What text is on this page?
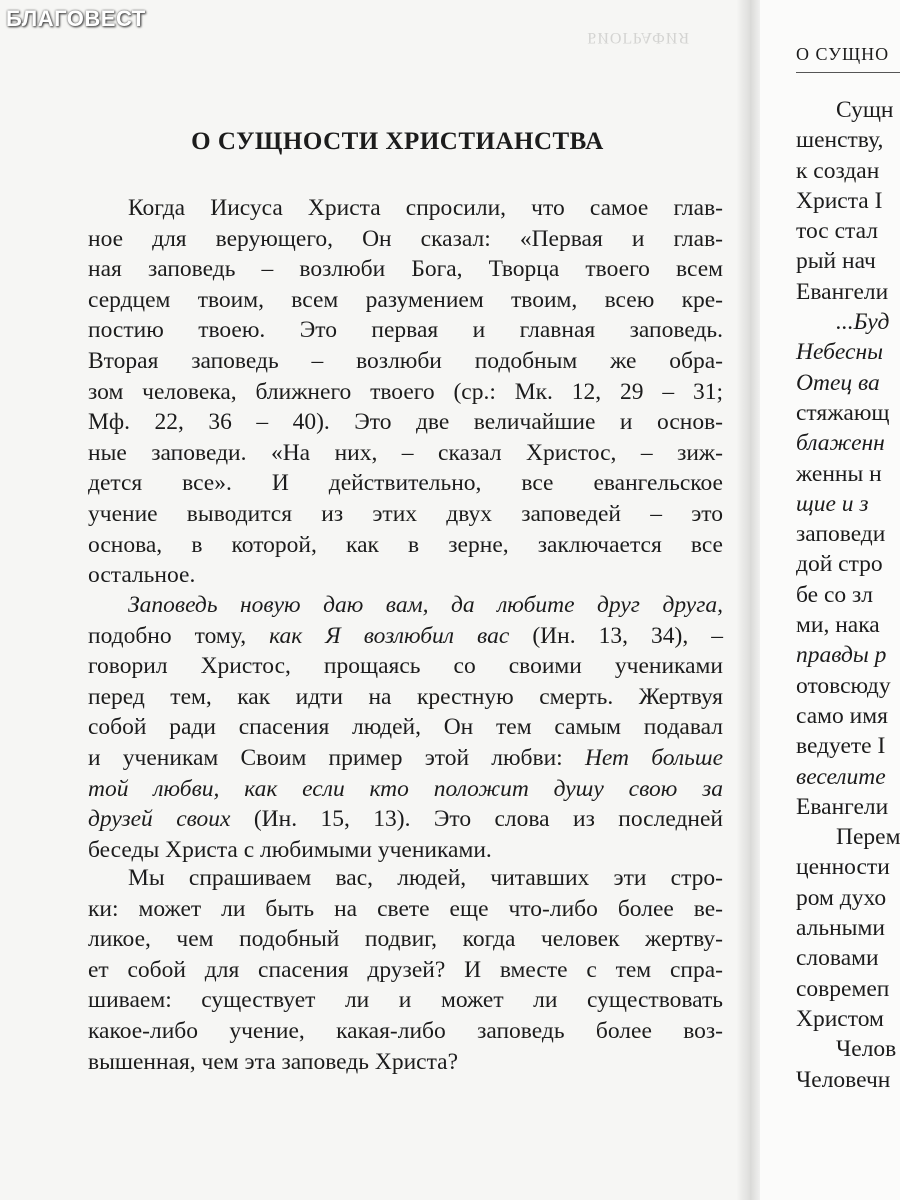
БИОГРАФИЯ
О СУЩНОСТИ ХРИСТИАНСТВА
Когда Иисуса Христа спросили, что самое глав-
ное для верующего, Он сказал: «Первая и глав-
ная заповедь – возлюби Бога, Творца твоего всем
сердцем твоим, всем разумением твоим, всею кре-
постию твоею. Это первая и главная заповедь.
Вторая заповедь – возлюби подобным же обра-
зом человека, ближнего твоего (ср.: Мк. 12, 29 – 31;
Мф. 22, 36 – 40). Это две величайшие и основ-
ные заповеди. «На них, – сказал Христос, – зиж-
дется все». И действительно, все евангельское
учение выводится из этих двух заповедей – это
основа, в которой, как в зерне, заключается все
остальное.
Заповедь новую даю вам, да любите друг друга,
подобно тому, как Я возлюбил вас (Ин. 13, 34), –
говорил Христос, прощаясь со своими учениками
перед тем, как идти на крестную смерть. Жертвуя
собой ради спасения людей, Он тем самым подавал
и ученикам Своим пример этой любви: Нет больше
той любви, как если кто положит душу свою за
друзей своих (Ин. 15, 13). Это слова из последней
беседы Христа с любимыми учениками.
Мы спрашиваем вас, людей, читавших эти стро-
ки: может ли быть на свете еще что-либо более ве-
ликое, чем подобный подвиг, когда человек жертву-
ет собой для спасения друзей? И вместе с тем спра-
шиваем: существует ли и может ли существовать
какое-либо учение, какая-либо заповедь более воз-
вышенная, чем эта заповедь Христа?
О СУЩНО
Сущн
шенству,
к создан
Христа I
тос стал
рый нач
Евангели
...Буд
Небесны
Отец ва
стяжающ
блаженн
женны н
щие и з
заповеди
дой стро
бе со зл
ми, нака
правды р
отовсюду
само имя
ведуете I
веселите
Евангели
Перем
ценности
ром духо
альными
словами
совремеп
Христом
Челов
Человечн
БЛАГОВЕСТ
